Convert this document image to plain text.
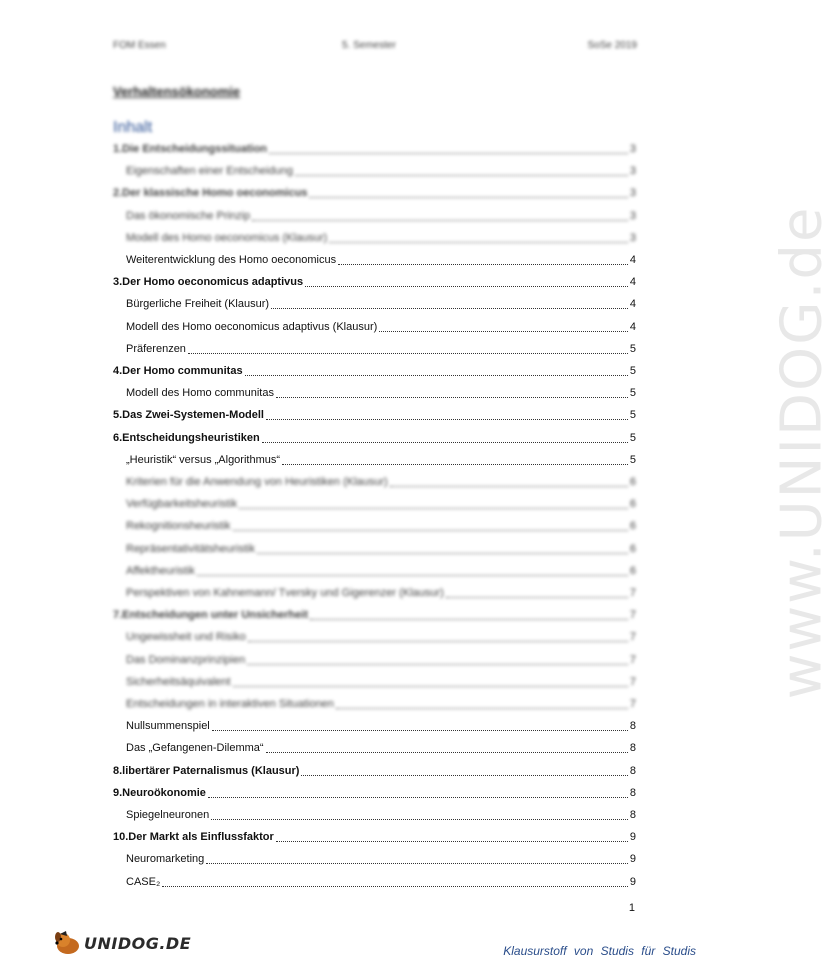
FOM Essen	5. Semester	SoSe 2019
Verhaltensökonomie
Inhalt
www.UNIDOG.de
1.Die Entscheidungssituation	3
Eigenschaften einer Entscheidung	3
2.Der klassische Homo oeconomicus	3
Das ökonomische Prinzip	3
Modell des Homo oeconomicus (Klausur)	3
Weiterentwicklung des Homo oeconomicus	4
3.Der Homo oeconomicus adaptivus	4
Bürgerliche Freiheit (Klausur)	4
Modell des Homo oeconomicus adaptivus (Klausur)	4
Präferenzen	5
4.Der Homo communitas	5
Modell des Homo communitas	5
5.Das Zwei-Systemen-Modell	5
6.Entscheidungsheuristiken	5
„Heuristik“ versus „Algorithmus“	5
Kriterien für die Anwendung von Heuristiken (Klausur)	6
Verfügbarkeitsheuristik	6
Rekognitionsheuristik	6
Repräsentativitätsheuristik	6
Affektheuristik	6
Perspektiven von Kahnemann/ Tversky und Gigerenzer (Klausur)	7
7.Entscheidungen unter Unsicherheit	7
Ungewissheit und Risiko	7
Das Dominanzprinzipien	7
Sicherheitsäquivalent	7
Entscheidungen in interaktiven Situationen	7
Nullsummenspiel	8
Das „Gefangenen-Dilemma“	8
8.libertärer Paternalismus (Klausur)	8
9.Neuroökonomie	8
Spiegelneuronen	8
10.Der Markt als Einflussfaktor	9
Neuromarketing	9
CASE₂	9
1
UNIDOG.DE	Klausurstoff von Studis für Studis
